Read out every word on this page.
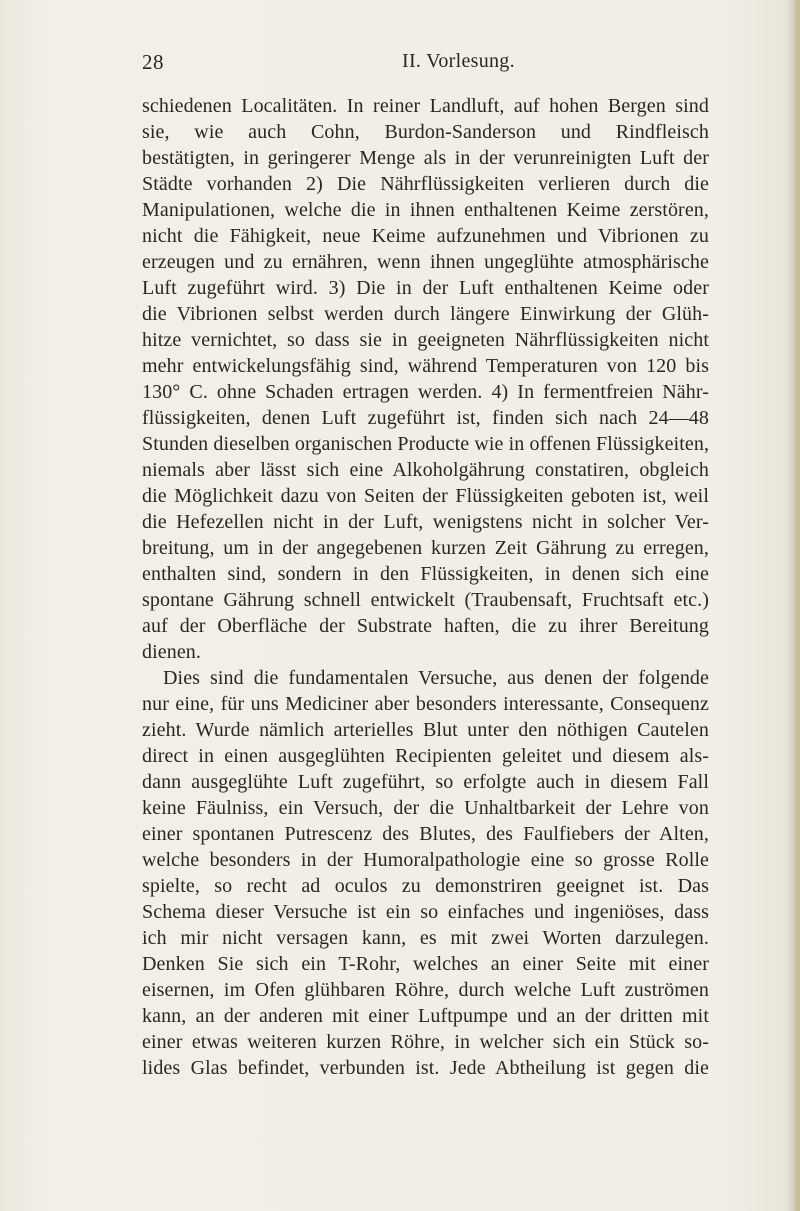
28	II. Vorlesung.
schiedenen Localitäten. In reiner Landluft, auf hohen Bergen sind
sie, wie auch Cohn, Burdon-Sanderson und Rindfleisch
bestätigten, in geringerer Menge als in der verunreinigten Luft der
Städte vorhanden 2) Die Nährflüssigkeiten verlieren durch die
Manipulationen, welche die in ihnen enthaltenen Keime zerstören,
nicht die Fähigkeit, neue Keime aufzunehmen und Vibrionen zu
erzeugen und zu ernähren, wenn ihnen ungeglühte atmosphärische
Luft zugeführt wird. 3) Die in der Luft enthaltenen Keime oder
die Vibrionen selbst werden durch längere Einwirkung der Glüh-
hitze vernichtet, so dass sie in geeigneten Nährflüssigkeiten nicht
mehr entwickelungsfähig sind, während Temperaturen von 120 bis
130° C. ohne Schaden ertragen werden. 4) In fermentfreien Nähr-
flüssigkeiten, denen Luft zugeführt ist, finden sich nach 24—48
Stunden dieselben organischen Producte wie in offenen Flüssigkeiten,
niemals aber lässt sich eine Alkoholgährung constatiren, obgleich
die Möglichkeit dazu von Seiten der Flüssigkeiten geboten ist, weil
die Hefezellen nicht in der Luft, wenigstens nicht in solcher Ver-
breitung, um in der angegebenen kurzen Zeit Gährung zu erregen,
enthalten sind, sondern in den Flüssigkeiten, in denen sich eine
spontane Gährung schnell entwickelt (Traubensaft, Fruchtsaft etc.)
auf der Oberfläche der Substrate haften, die zu ihrer Bereitung
dienen.
Dies sind die fundamentalen Versuche, aus denen der folgende
nur eine, für uns Mediciner aber besonders interessante, Consequenz
zieht. Wurde nämlich arterielles Blut unter den nöthigen Cautelen
direct in einen ausgeglühten Recipienten geleitet und diesem als-
dann ausgeglühte Luft zugeführt, so erfolgte auch in diesem Fall
keine Fäulniss, ein Versuch, der die Unhaltbarkeit der Lehre von
einer spontanen Putrescenz des Blutes, des Faulfiebers der Alten,
welche besonders in der Humoralpathologie eine so grosse Rolle
spielte, so recht ad oculos zu demonstriren geeignet ist. Das
Schema dieser Versuche ist ein so einfaches und ingeniöses, dass
ich mir nicht versagen kann, es mit zwei Worten darzulegen.
Denken Sie sich ein T-Rohr, welches an einer Seite mit einer
eisernen, im Ofen glühbaren Röhre, durch welche Luft zuströmen
kann, an der anderen mit einer Luftpumpe und an der dritten mit
einer etwas weiteren kurzen Röhre, in welcher sich ein Stück so-
lides Glas befindet, verbunden ist. Jede Abtheilung ist gegen die
